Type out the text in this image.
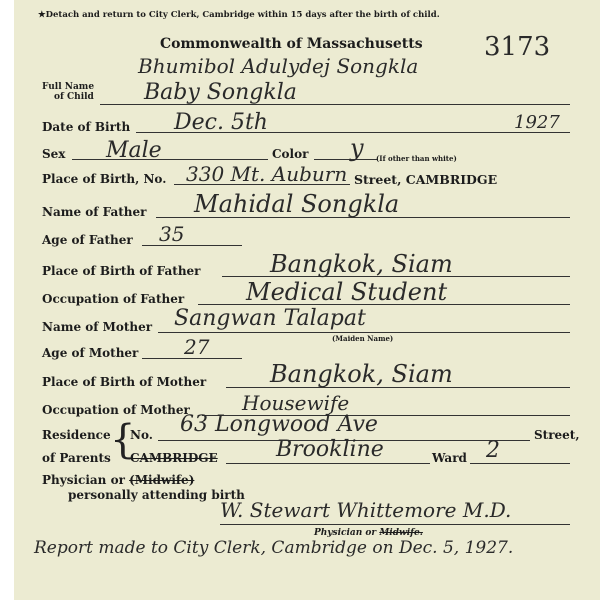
★Detach and return to City Clerk, Cambridge within 15 days after the birth of child.
Commonwealth of Massachusetts 3173
Bhumibol Adulydej Songkla
Full Name
of Child Baby Songkla
Date of Birth Dec. 5th	1927
Sex Male	Color y (If other than white)
Place of Birth, No. 330 Mt. Auburn Street, CAMBRIDGE
Name of Father Mahidal Songkla
Age of Father 35
Place of Birth of Father	Bangkok, Siam
Occupation of Father	Medical Student
Name of Mother Sangwan Talapat
(Maiden Name)
Age of Mother 27
Place of Birth of Mother	Bangkok, Siam
Occupation of Mother	Housewife
Residence {
No. 63 Longwood Ave	Street,
of Parents CAMBRIDGE	Brookline	Ward 2
Physician or (Midwife)
personally attending birth
W. Stewart Whittemore M.D.
Physician or Midwife.
Report made to City Clerk, Cambridge on Dec. 5, 1927.
